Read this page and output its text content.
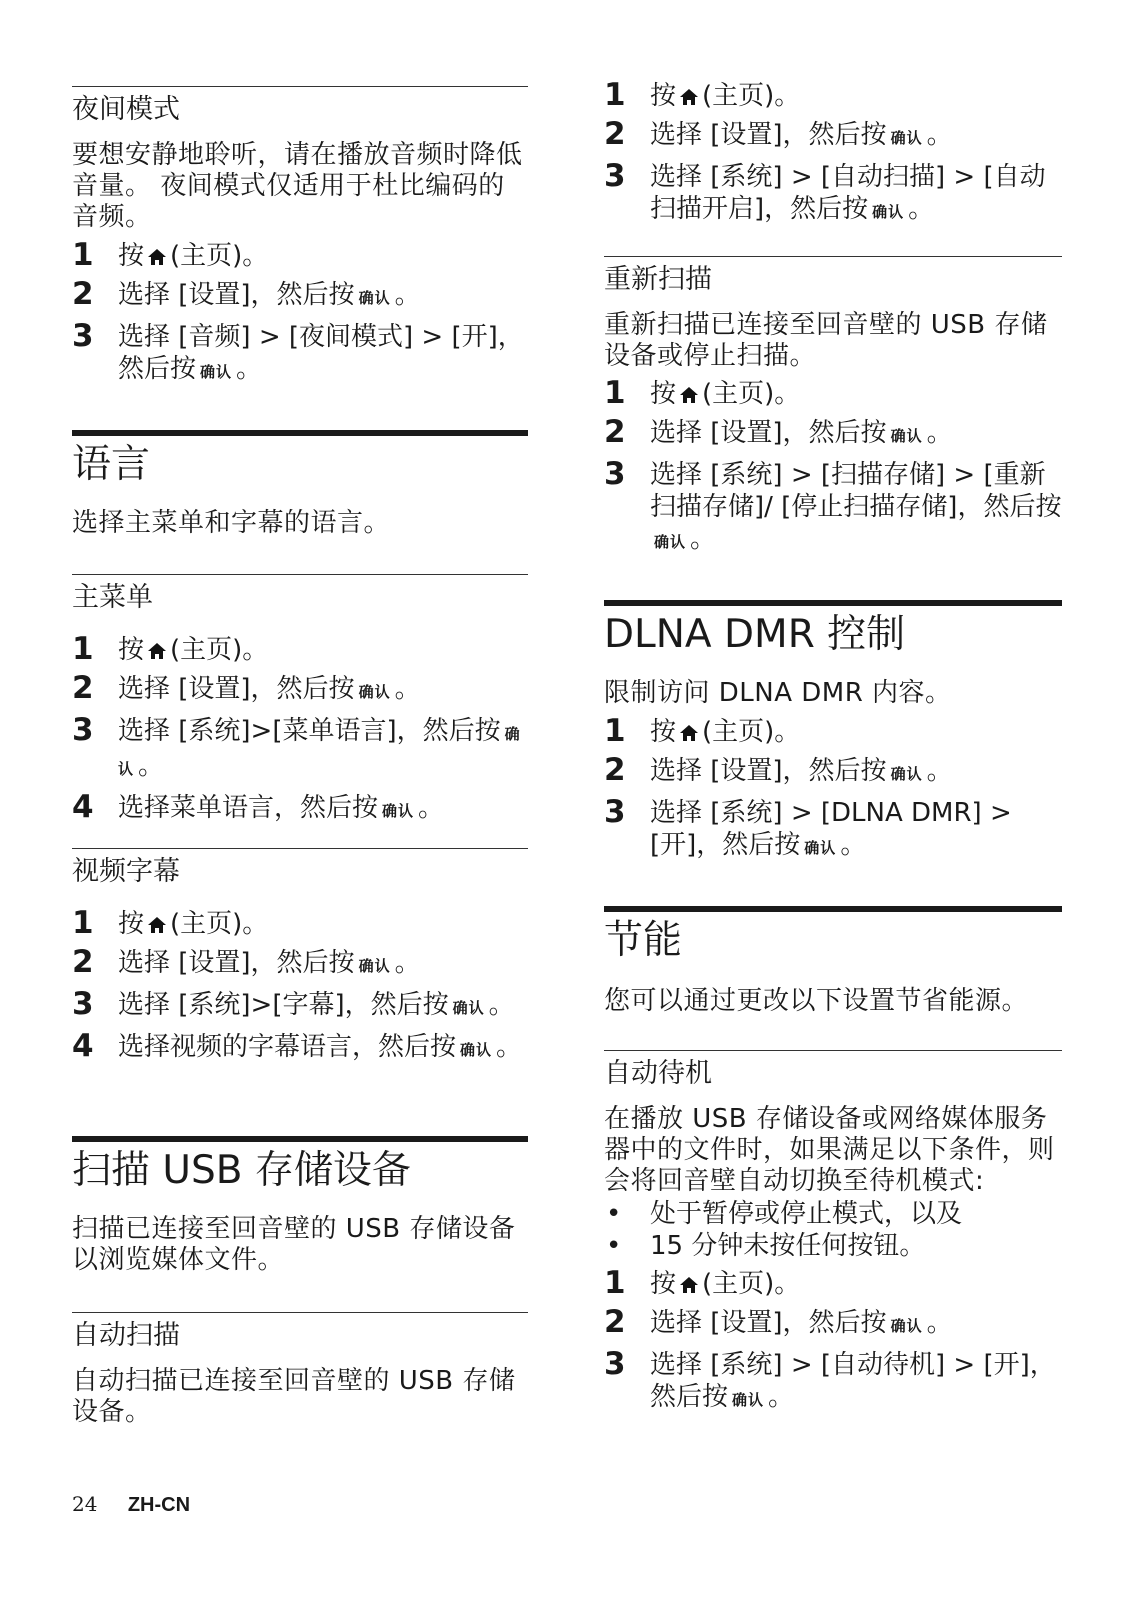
夜间模式
要想安静地聆听，请在播放音频时降低音量。 夜间模式仅适用于杜比编码的音频。
1 按 (主页)。
2 选择 [设置]，然后按 确认 。
3 选择 [音频] > [夜间模式] > [开]，然后按 确认 。
语言
选择主菜单和字幕的语言。
主菜单
1 按 (主页)。
2 选择 [设置]，然后按 确认 。
3 选择 [系统]>[菜单语言]，然后按 确认 。
4 选择菜单语言，然后按 确认 。
视频字幕
1 按 (主页)。
2 选择 [设置]，然后按 确认 。
3 选择 [系统]>[字幕]，然后按 确认 。
4 选择视频的字幕语言，然后按 确认 。
扫描 USB 存储设备
扫描已连接至回音壁的 USB 存储设备以浏览媒体文件。
自动扫描
自动扫描已连接至回音壁的 USB 存储设备。
1 按 (主页)。
2 选择 [设置]，然后按 确认 。
3 选择 [系统] > [自动扫描] > [自动扫描开启]，然后按 确认 。
重新扫描
重新扫描已连接至回音壁的 USB 存储设备或停止扫描。
1 按 (主页)。
2 选择 [设置]，然后按 确认 。
3 选择 [系统] > [扫描存储] > [重新扫描存储]/ [停止扫描存储]，然后按确认 。
DLNA DMR 控制
限制访问 DLNA DMR 内容。
1 按 (主页)。
2 选择 [设置]，然后按 确认 。
3 选择 [系统] > [DLNA DMR] > [开]，然后按 确认 。
节能
您可以通过更改以下设置节省能源。
自动待机
在播放 USB 存储设备或网络媒体服务器中的文件时，如果满足以下条件，则会将回音壁自动切换至待机模式:
• 处于暂停或停止模式，以及
• 15 分钟未按任何按钮。
1 按 (主页)。
2 选择 [设置]，然后按 确认 。
3 选择 [系统] > [自动待机] > [开]，然后按 确认 。
24 ZH-CN
